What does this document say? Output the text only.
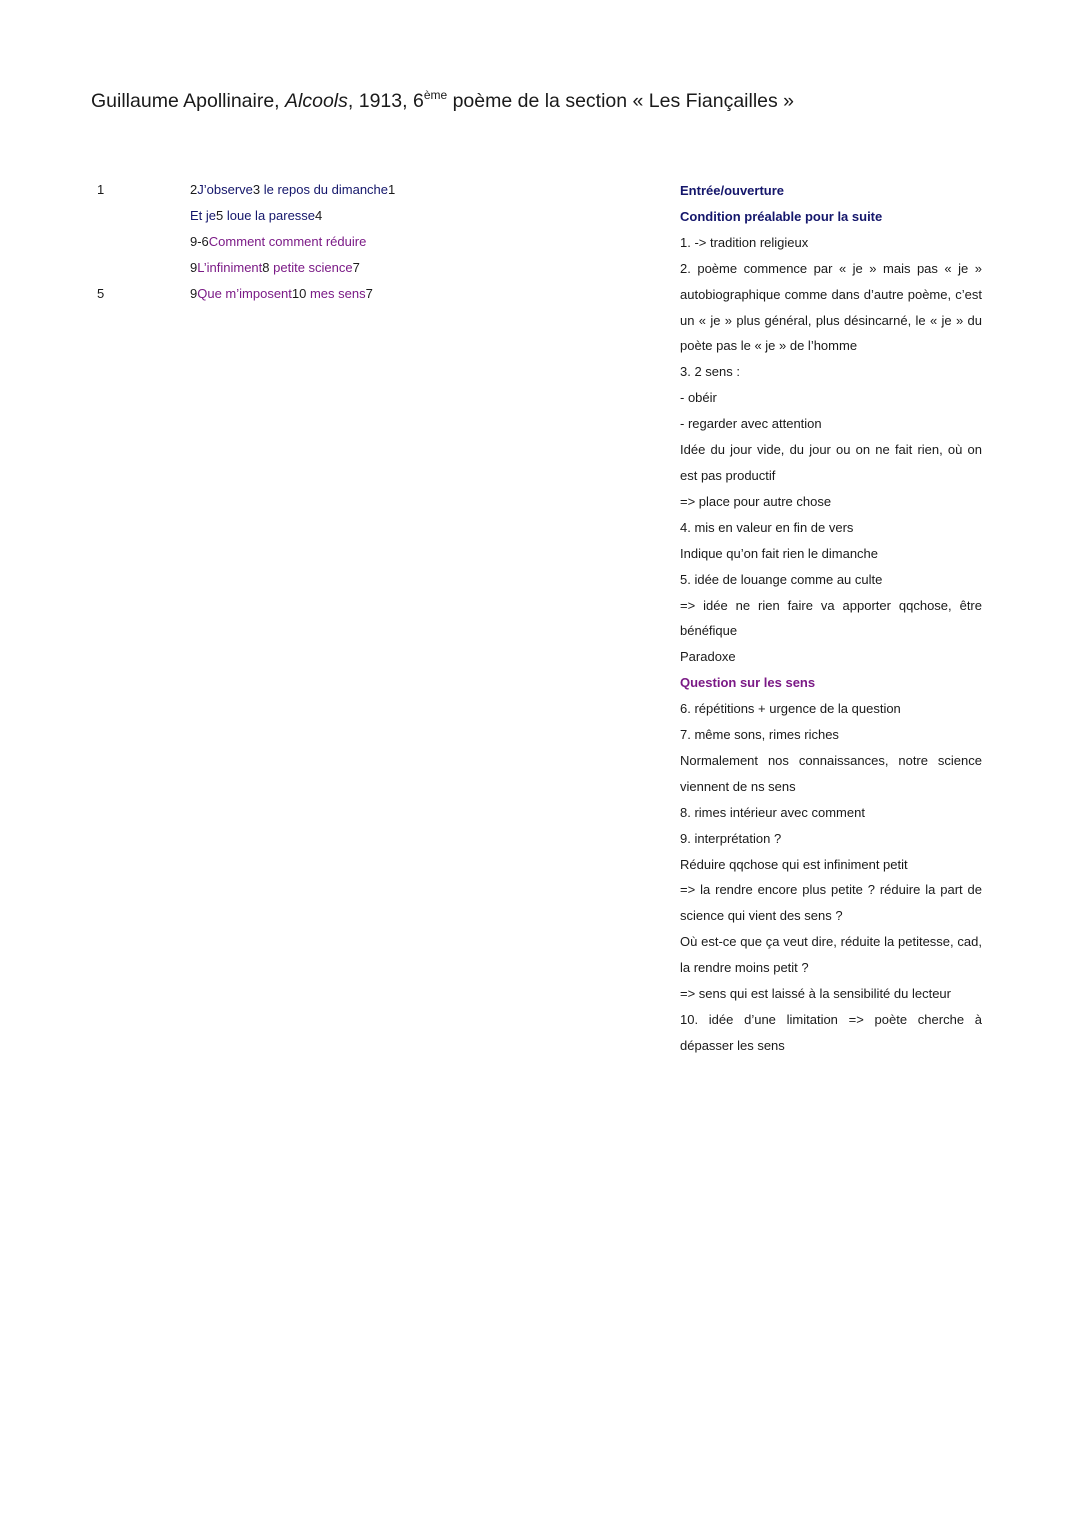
Guillaume Apollinaire, Alcools, 1913, 6ème poème de la section « Les Fiançailles »
1
5
2J’observe3 le repos du dimanche1
Et je5 loue la paresse4
9-6Comment comment réduire
9L’infiniment8 petite science7
9Que m’imposent10 mes sens7
Entrée/ouverture
Condition préalable pour la suite
1. -> tradition religieux
2. poème commence par « je » mais pas « je » autobiographique comme dans d’autre poème, c’est un « je » plus général, plus désincarné, le « je » du poète pas le « je » de l’homme
3. 2 sens :
- obéir
- regarder avec attention
Idée du jour vide, du jour ou on ne fait rien, où on est pas productif
=> place pour autre chose
4. mis en valeur en fin de vers
Indique qu’on fait rien le dimanche
5. idée de louange comme au culte
=> idée ne rien faire va apporter qqchose, être bénéfique
Paradoxe
Question sur les sens
6. répétitions + urgence de la question
7. même sons, rimes riches
Normalement nos connaissances, notre science viennent de ns sens
8. rimes intérieur avec comment
9. interprétation ?
Réduire qqchose qui est infiniment petit
=> la rendre encore plus petite ? réduire la part de science qui vient des sens ?
Où est-ce que ça veut dire, réduite la petitesse, cad, la rendre moins petit ?
=> sens qui est laissé à la sensibilité du lecteur
10. idée d’une limitation => poète cherche à dépasser les sens
